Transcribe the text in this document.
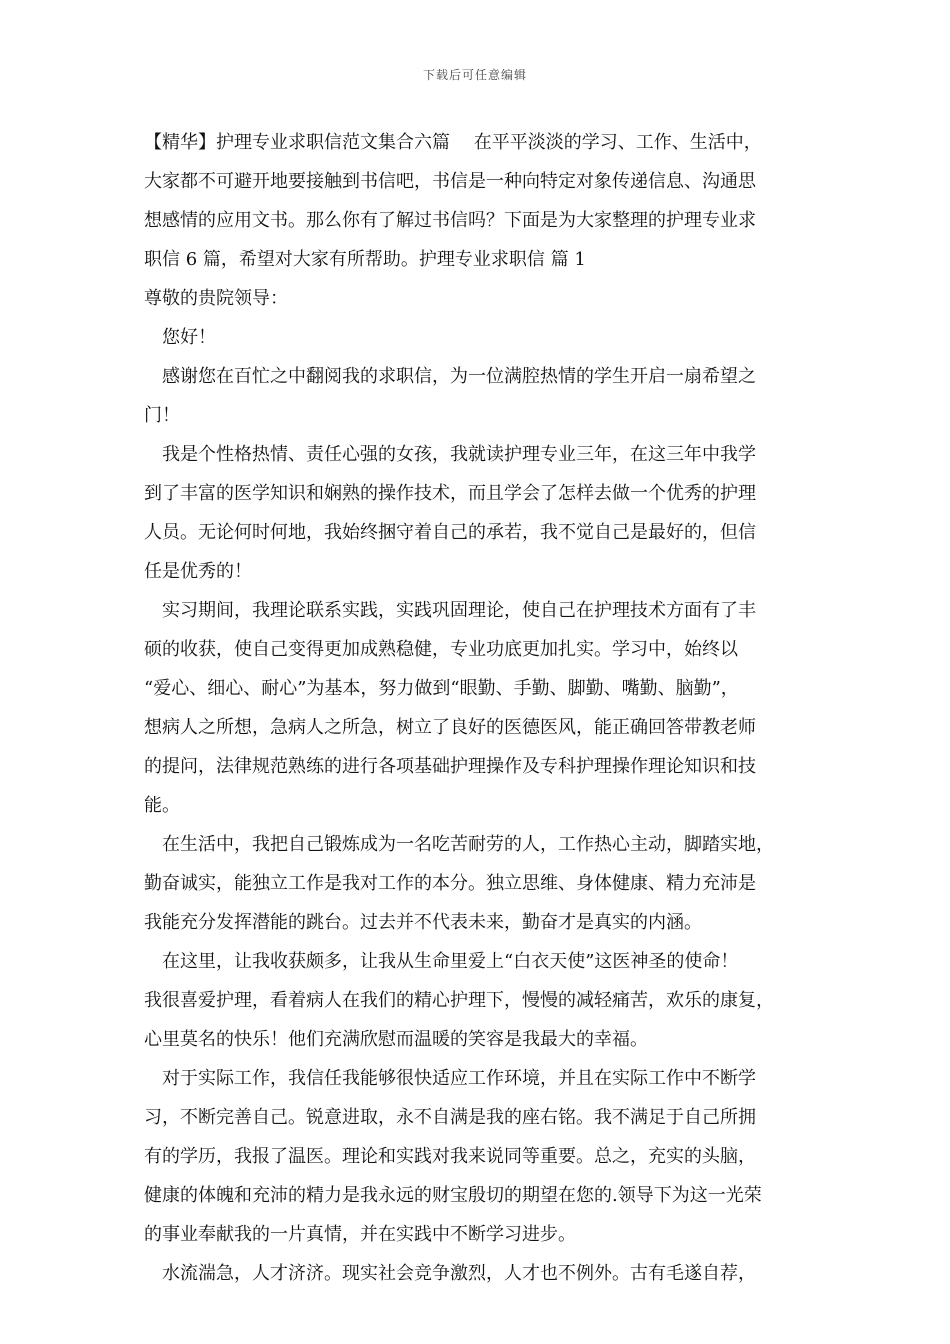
下载后可任意编辑
【精华】护理专业求职信范文集合六篇　 在平平淡淡的学习、工作、生活中，
大家都不可避开地要接触到书信吧，书信是一种向特定对象传递信息、沟通思
想感情的应用文书。那么你有了解过书信吗？下面是为大家整理的护理专业求
职信 6 篇，希望对大家有所帮助。护理专业求职信 篇 1
尊敬的贵院领导：
　您好！
　感谢您在百忙之中翻阅我的求职信，为一位满腔热情的学生开启一扇希望之
门！
　我是个性格热情、责任心强的女孩，我就读护理专业三年，在这三年中我学
到了丰富的医学知识和娴熟的操作技术，而且学会了怎样去做一个优秀的护理
人员。无论何时何地，我始终捆守着自己的承若，我不觉自己是最好的，但信
任是优秀的！
　实习期间，我理论联系实践，实践巩固理论，使自己在护理技术方面有了丰
硕的收获，使自己变得更加成熟稳健，专业功底更加扎实。学习中，始终以
“爱心、细心、耐心”为基本，努力做到“眼勤、手勤、脚勤、嘴勤、脑勤”，
想病人之所想，急病人之所急，树立了良好的医德医风，能正确回答带教老师
的提问，法律规范熟练的进行各项基础护理操作及专科护理操作理论知识和技
能。
　在生活中，我把自己锻炼成为一名吃苦耐劳的人，工作热心主动，脚踏实地，
勤奋诚实，能独立工作是我对工作的本分。独立思维、身体健康、精力充沛是
我能充分发挥潜能的跳台。过去并不代表未来，勤奋才是真实的内涵。
　在这里，让我收获颇多，让我从生命里爱上“白衣天使”这医神圣的使命！
我很喜爱护理，看着病人在我们的精心护理下，慢慢的减轻痛苦，欢乐的康复，
心里莫名的快乐！他们充满欣慰而温暖的笑容是我最大的幸福。
　对于实际工作，我信任我能够很快适应工作环境，并且在实际工作中不断学
习，不断完善自己。锐意进取，永不自满是我的座右铭。我不满足于自己所拥
有的学历，我报了温医。理论和实践对我来说同等重要。总之，充实的头脑，
健康的体魄和充沛的精力是我永远的财宝殷切的期望在您的.领导下为这一光荣
的事业奉献我的一片真情，并在实践中不断学习进步。
　水流湍急，人才济济。现实社会竞争激烈，人才也不例外。古有毛遂自荐，
